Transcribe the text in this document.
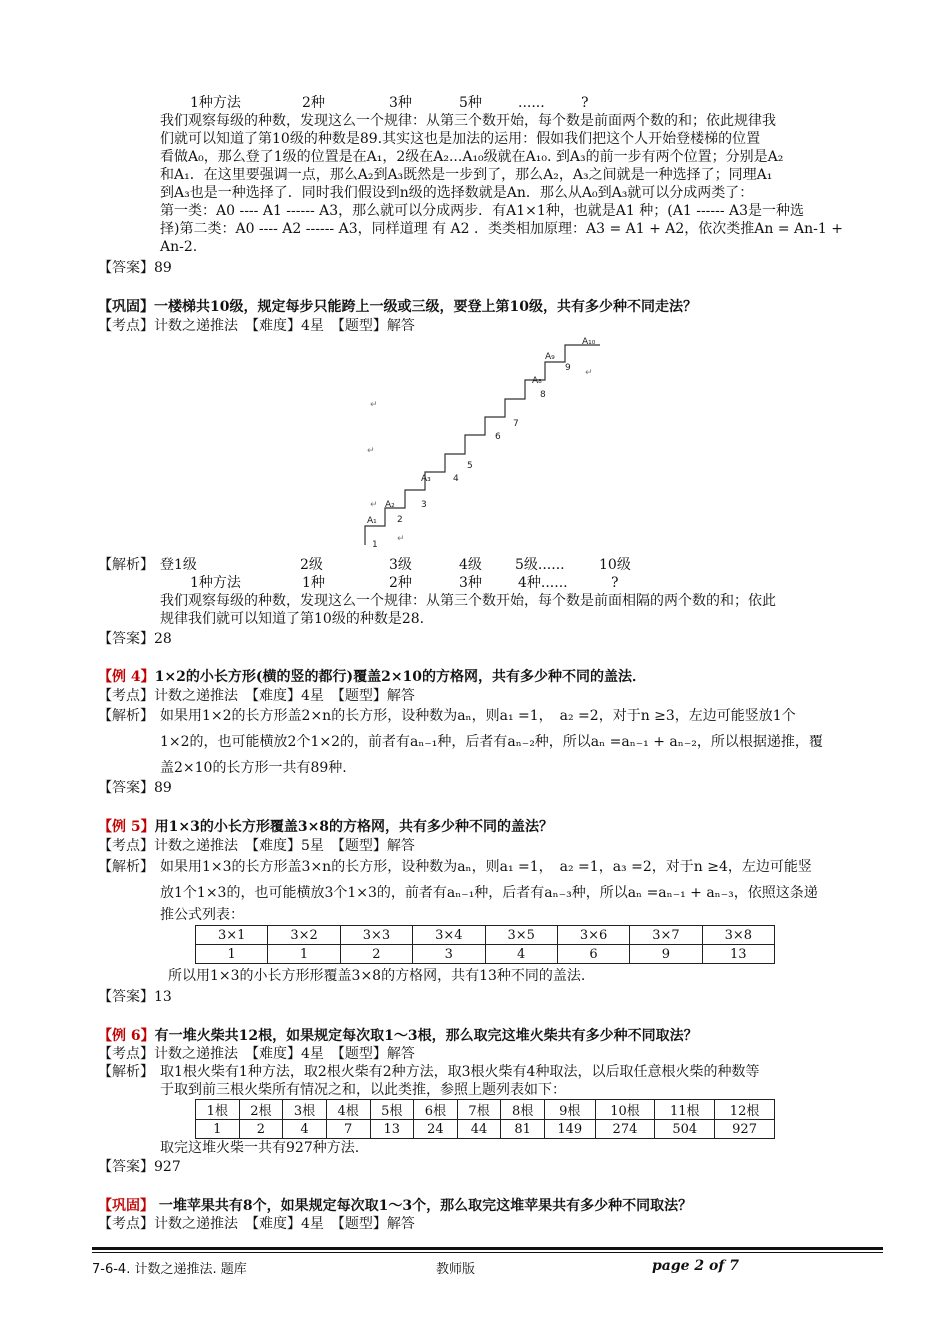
1种方法	2种	3种	5种	......	?
我们观察每级的种数，发现这么一个规律：从第三个数开始，每个数是前面两个数的和；依此规律我
们就可以知道了第10级的种数是89.其实这也是加法的运用：假如我们把这个人开始登楼梯的位置
看做A₀，那么登了1级的位置是在A₁，2级在A₂...A₁₀级就在A₁₀. 到A₃的前一步有两个位置；分别是A₂
和A₁．在这里要强调一点，那么A₂到A₃既然是一步到了，那么A₂，A₃之间就是一种选择了；同理A₁
到A₃也是一种选择了．同时我们假设到n级的选择数就是An．那么从A₀到A₃就可以分成两类了：
第一类：A0 ---- A1 ------ A3，那么就可以分成两步．有A1×1种，也就是A1 种；(A1 ------ A3是一种选
择)第二类：A0 ---- A2 ------ A3，同样道理 有 A2 ．类类相加原理：A3 = A1 + A2，依次类推An = An-1 +
An-2.
【答案】89
【巩固】一楼梯共10级，规定每步只能跨上一级或三级，要登上第10级，共有多少种不同走法？
【考点】计数之递推法　【难度】4星　【题型】解答
1
2
3
4
5
6
7
8
9
A₁
A₂
A₃
A₈
A₉
A₁₀
↵
↵
↵
↵
↵
【解析】 登1级	2级	3级	4级 5级...... 10级
1种方法	1种	2种	3种	4种......	?
我们观察每级的种数，发现这么一个规律：从第三个数开始，每个数是前面相隔的两个数的和；依此
规律我们就可以知道了第10级的种数是28.
【答案】28
【例 4】1×2的小长方形(横的竖的都行)覆盖2×10的方格网，共有多少种不同的盖法．
【考点】计数之递推法　【难度】4星　【题型】解答
【解析】 如果用1×2的长方形盖2×n的长方形，设种数为aₙ，则a₁ =1，　a₂ =2，对于n ≥3，左边可能竖放1个
1×2的，也可能横放2个1×2的，前者有aₙ₋₁种，后者有aₙ₋₂种，所以aₙ =aₙ₋₁ + aₙ₋₂，所以根据递推，覆
盖2×10的长方形一共有89种.
【答案】89
【例 5】用1×3的小长方形覆盖3×8的方格网，共有多少种不同的盖法？
【考点】计数之递推法　【难度】5星　【题型】解答
【解析】 如果用1×3的长方形盖3×n的长方形，设种数为aₙ，则a₁ =1，　a₂ =1，a₃ =2，对于n ≥4，左边可能竖
放1个1×3的，也可能横放3个1×3的，前者有aₙ₋₁种，后者有aₙ₋₃种，所以aₙ =aₙ₋₁ + aₙ₋₃，依照这条递
推公式列表：
3×1	3×2	3×3	3×4	3×5	3×6	3×7	3×8
1	1	2	3	4	6	9	13
所以用1×3的小长方形形覆盖3×8的方格网，共有13种不同的盖法.
【答案】13
【例 6】有一堆火柴共12根，如果规定每次取1～3根，那么取完这堆火柴共有多少种不同取法？
【考点】计数之递推法　【难度】4星　【题型】解答
【解析】 取1根火柴有1种方法，取2根火柴有2种方法，取3根火柴有4种取法，以后取任意根火柴的种数等
于取到前三根火柴所有情况之和，以此类推，参照上题列表如下：
1根	2根	3根	4根	5根	6根	7根	8根	9根	10根	11根	12根
1	2	4	7	13	24	44	81	149	274	504	927
取完这堆火柴一共有927种方法.
【答案】927
【巩固】 一堆苹果共有8个，如果规定每次取1～3个，那么取完这堆苹果共有多少种不同取法？
【考点】计数之递推法　【难度】4星　【题型】解答
7-6-4. 计数之递推法. 题库	教师版	page 2 of 7
